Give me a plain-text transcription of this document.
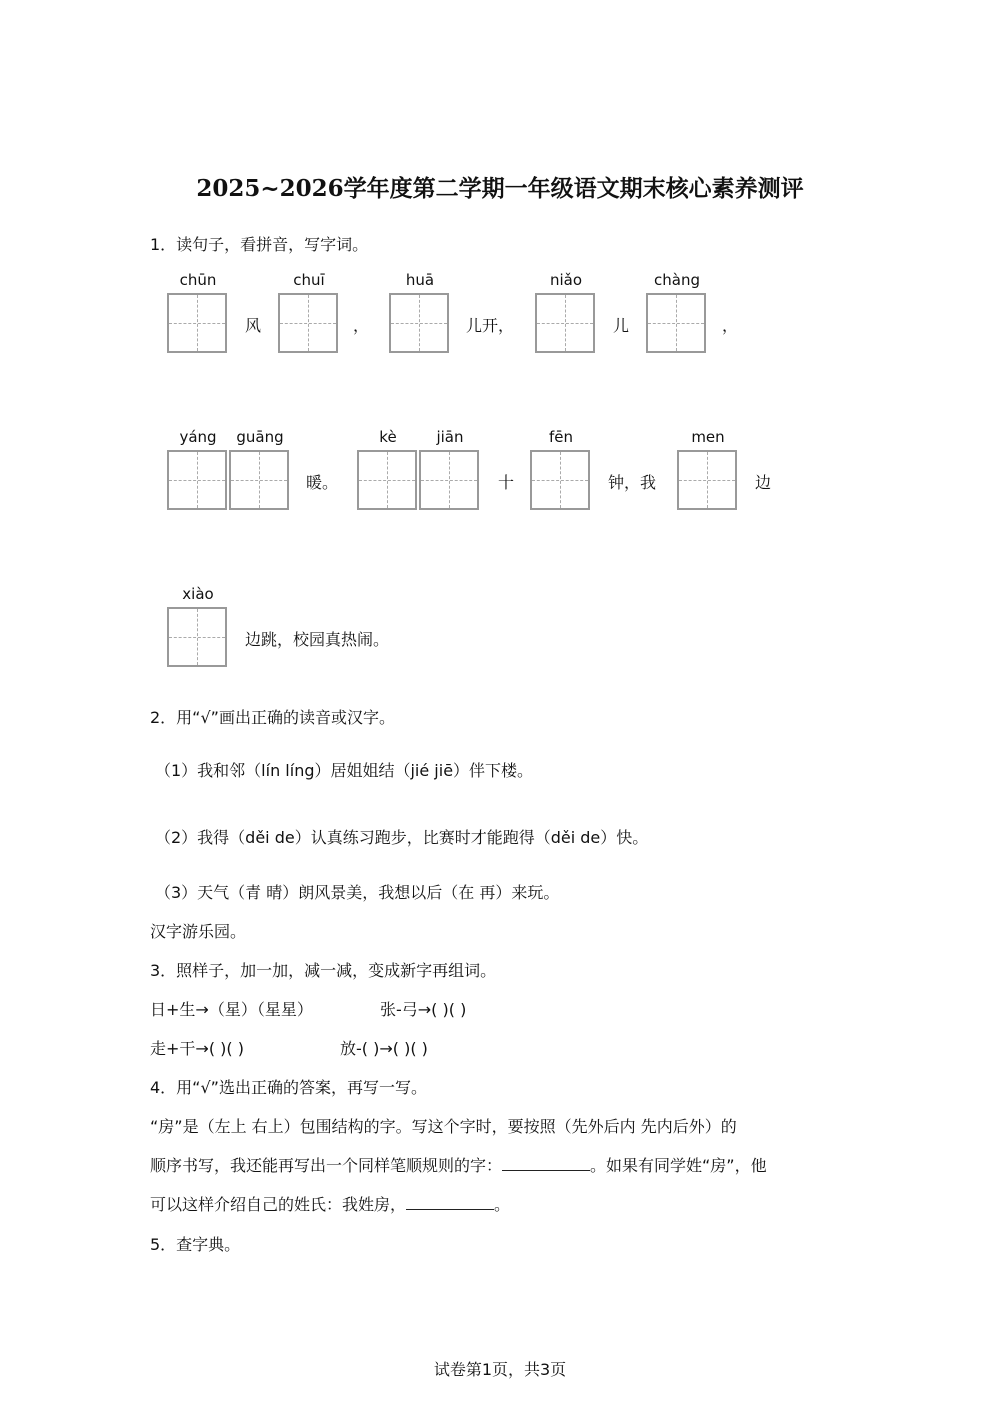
2025~2026学年度第二学期一年级语文期末核心素养测评
1．读句子，看拼音，写字词。
chūn
风
chuī
，
huā
儿开，
niǎo
儿
chàng
，
yáng	guāng
暖。
kè	jiān
十
fēn
钟，我
men
边
xiào
边跳，校园真热闹。
2．用“√”画出正确的读音或汉字。
（1）我和邻（lín líng）居姐姐结（jié jiē）伴下楼。
（2）我得（děi de）认真练习跑步，比赛时才能跑得（děi de）快。
（3）天气（青 晴）朗风景美，我想以后（在 再）来玩。
汉字游乐园。
3．照样子，加一加，减一减，变成新字再组词。
日+生→（星）（星星）	张-弓→( )( )
走+干→( )( )	放-( )→( )( )
4．用“√”选出正确的答案，再写一写。
“房”是（左上 右上）包围结构的字。写这个字时，要按照（先外后内 先内后外）的
顺序书写，我还能再写出一个同样笔顺规则的字：	。如果有同学姓“房”，他
可以这样介绍自己的姓氏：我姓房，	。
5．查字典。
试卷第1页，共3页
